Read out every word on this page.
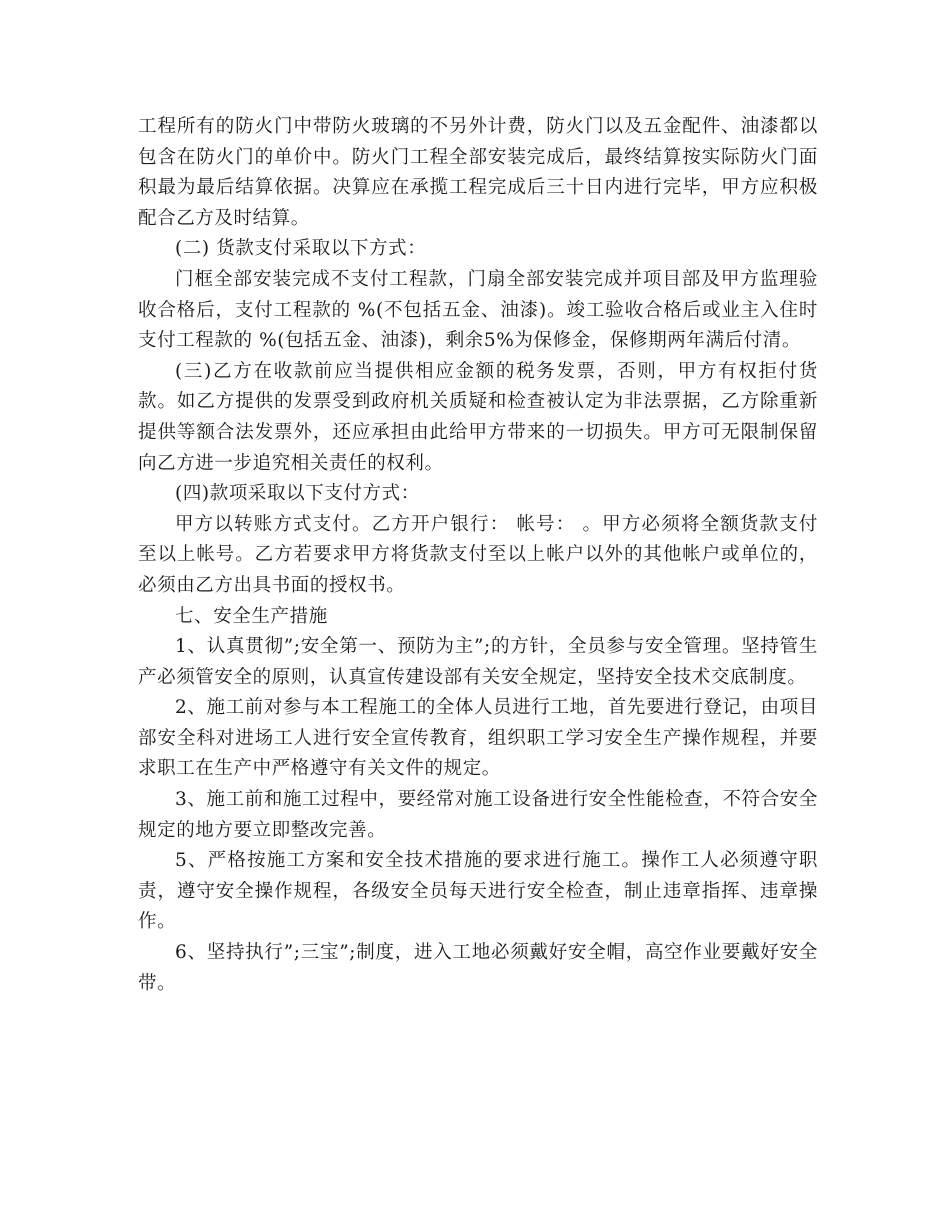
工程所有的防火门中带防火玻璃的不另外计费，防火门以及五金配件、油漆都以包含在防火门的单价中。防火门工程全部安装完成后，最终结算按实际防火门面积最为最后结算依据。决算应在承揽工程完成后三十日内进行完毕，甲方应积极配合乙方及时结算。

(二) 货款支付采取以下方式：

门框全部安装完成不支付工程款，门扇全部安装完成并项目部及甲方监理验收合格后，支付工程款的 %(不包括五金、油漆)。竣工验收合格后或业主入住时支付工程款的 %(包括五金、油漆)，剩余5%为保修金，保修期两年满后付清。

(三)乙方在收款前应当提供相应金额的税务发票，否则，甲方有权拒付货款。如乙方提供的发票受到政府机关质疑和检查被认定为非法票据，乙方除重新提供等额合法发票外，还应承担由此给甲方带来的一切损失。甲方可无限制保留向乙方进一步追究相关责任的权利。

(四)款项采取以下支付方式：

甲方以转账方式支付。乙方开户银行： 帐号： 。甲方必须将全额货款支付至以上帐号。乙方若要求甲方将货款支付至以上帐户以外的其他帐户或单位的，必须由乙方出具书面的授权书。

七、安全生产措施

1、认真贯彻”;安全第一、预防为主”;的方针，全员参与安全管理。坚持管生产必须管安全的原则，认真宣传建设部有关安全规定，坚持安全技术交底制度。

2、施工前对参与本工程施工的全体人员进行工地，首先要进行登记，由项目部安全科对进场工人进行安全宣传教育，组织职工学习安全生产操作规程，并要求职工在生产中严格遵守有关文件的规定。

3、施工前和施工过程中，要经常对施工设备进行安全性能检查，不符合安全规定的地方要立即整改完善。

5、严格按施工方案和安全技术措施的要求进行施工。操作工人必须遵守职责，遵守安全操作规程，各级安全员每天进行安全检查，制止违章指挥、违章操作。

6、坚持执行”;三宝”;制度，进入工地必须戴好安全帽，高空作业要戴好安全带。
